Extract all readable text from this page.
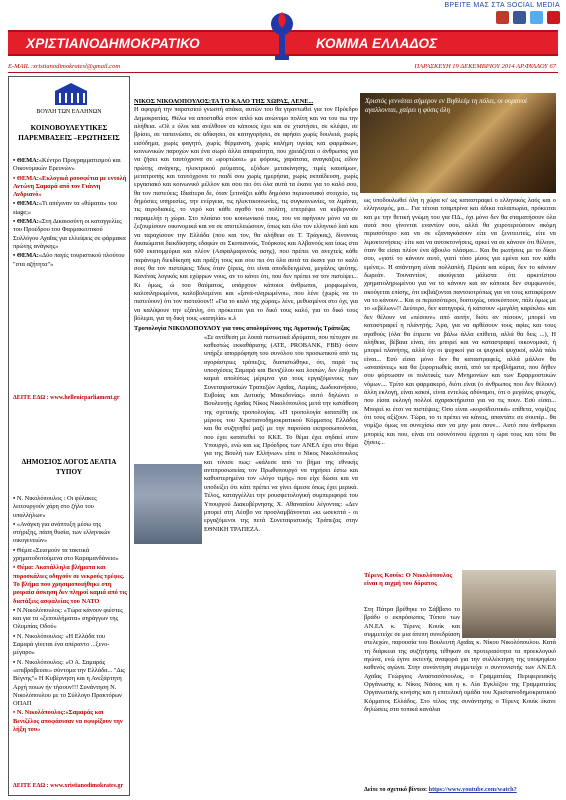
ΒΡΕΙΤΕ ΜΑΣ ΣΤΑ SOCIAL MEDIA
ΧΡΙΣΤΙΑΝΟΔΗΜΟΚΡΑΤΙΚΟ	ΚΟΜΜΑ ΕΛΛΑΔΟΣ
E-MAIL :xristianodimokratesl@gmail.com	ΠΑΡΑΣΚΕΥΗ 19 ΔΕΚΕΜΒΡΙΟΥ 2014 ΑΡ.ΦΥΛΛΟΥ 67
ΒΟΥΛΗ ΤΩΝ ΕΛΛΗΝΩΝ
ΚΟΙΝΟΒΟΥΛΕΥΤΙΚΕΣ ΠΑΡΕΜΒΑΣΕΙΣ –ΕΡΩΤΗΣΕΙΣ
• ΘΕΜΑ:«Κέντρο Προγραμματισμού και Οικονομικών Ερευνών»
• ΘΕΜΑ:«Εκλογικά ρουσφέτια με εντολή Αντώνη Σαμαρά από τον Γιάννη Ανδριανό»
• ΘΕΜΑ:«Τι απέγιναν τα «θύματα» του stage;»
• ΘΕΜΑ:«Στη Δικαιοσύνη οι καταγγελίες του Προέδρου του Φαρμακευτικού Συλλόγου Αχαΐας για ελλείψεις σε φάρμακα πρώτης ανάγκης»
• ΘΕΜΑ:«Δύο παγές τουριστικού πλούτου "στα αζήτητα"»
ΔΕΙΤΕ ΕΔΩ : www.hellenicparliament.gr
ΔΗΜΟΣΙΟΣ ΛΟΓΟΣ ΔΕΛΤΙΑ ΤΥΠΟΥ
• Ν. Νικολόπουλος : Οι φύλακες λειτουργούν χάρη στο ζήλο του υπαλλήλων»
• «Ανάγκη για ανάπτυξη μέσω της στήριξης, πάση θυσία, των ελληνικών οικογενειών»
• Θέμα:«Σεισμούν τα τακτικά χρηματοδοτούμενα στο Καραμανδάνειο»
• Θέμα: Ακατάλληλα βλήματα και πυροσκάλιες οδηγούν σε νεκρούς τρέφες. Το βλήμα που χρησιμοποιήθηκε στη μοιραία άσκηση δεν πληροί καμιά από τις διατάξεις ασφαλείας του ΝΑΤΟ
• Ν.Νικολόπουλος: «Τώρα κάνουν φιέστες και για τα «ξεπουλήματα» σηράγγων της Ολυμπίας Οδού»
• Ν. Νικολόπουλος: «Η Ελλάδα του Σαμαρά γίνεται ένα απέραντο ...ξενο-μέγαρο»
• Ν. Νικολόπουλος: «Ο Α. Σαμαράς «επιβράβευσε» σύντομα την Ελλάδα... "Δις Βέγνης"» Η Κυβέρνηση και η Ανεξάρτητη Αρχή ποιων ήν τήσουν!!! Συνάντηση Ν. Νικολόπουλου με το Σύλλογο Πρακτόρων ΟΠΑΠ
• Ν. Νικολόπουλος:«Σαμαράς και Βενιζέλος αποφάσισαν να σφυρίξουν την λήξη του»
ΔΕΙΤΕ ΕΔΩ : www.xristianodimokrates.gr

ΝΙΚΟΣ ΝΙΚΟΛΟΠΟΥΛΟΣ:ΤΑ ΤΟ ΚΑΛΟ ΤΗΣ ΧΩΡΑΣ, ΛΕΝΕ...

Η αφορμή την παρατσιού γνωστή απάκα, αυτών του θα γιγαντωθεί για τον Πρόεδρο Δημοκρατίας. Θέλω να αποσταθώ στον απλό και ανώνυμο πολίτη και να του πω την αλήθεια. «Ολ ε όλοι και ανέλθουν σε κάποιος έχει και σε χτιστήσει, σε κλέψει, σε βρίσει, σε ταπεινώσει, σε αδίκησει, σε κατηγορήσει, σε αφήσει χωρίς δουλειά, χωρίς εισόδημα, χωρίς φαγητό, χωρίς θέρμανση, χωρίς καλήμη υγείας και φαρμάκων, κοινωνικών παροχών και ένα σωρό άλλα απαραίτητα, που χρειάζεται ο άνθρωπος για να ζήσει και ταυτόχρονα σε «φορτώσει» με φόρους, χαράτσια, αναγκάζεις είδον πρώτης ανάγκης, ηλεκτρικού ρεύματος, εξόδων μετακίνησης, τιμές καυσίμων, μετατροπής και ταυτόχρονα το παιδί σου χωρίς ημερήσια, χωρίς εκπαίδευση, χωρίς εργασιακό και κοινωνικό μέλλον και σου πει ότι όλα αυτά τα έκανε για το καλό σου, θα τον πιστεύεις; Ιδιαίτερα δε, όταν ξετινάζει κάθε δημόσιο περιουσιακό στοιχείο, τις δημόσιες υπηρεσίες, την ενέργεια, τις ηλεκτικοινωνίες, τις συγκοινωνίες, τα λιμάνια, τις αεροδιακές, το νερό και κάθε αγαθό του πολίτη, επιτρέψει να κυβερνούν παραμελήτ η χώρα. Στο πλαίσιο του κοινωνικού τους, του να αφήνουν μόνο να σε ξεζουμίσουν οικονομικά και να σε αποτελειώσουν, όπως και όλο τον ελληνικό λαό και να ταραχίσουν την Ελλάδα (που και τον, θα αλήθεια σε Τ. Τράγκας), δίνοντας δικαιώματα διεκδίκησης εδαφών σε Σκοπιανούς, Τούρκους και Αλβανούς και ίσως στα 600 εκατομμύρια και πλέον (Ασφαλμαρινούς ασης), που πρέπει να ανεχτείς κάθε παράνομη διεκδίκηση και πράξη τους και σου πει ότι όλα αυτά τα έκανε για το καλό σου; θα τον πιστέψεις; Ίδιος όταν ζέρεις, ότι είναι αποδεδειγμένα, μεγάλος ψεύτης. Κανένας λογικός και εχέφρων νους, αν το κάνει ότι, που δεν πρέπει να τον πιστέψει... Κι όμως, ώ του θαύματος, υπάρχουν κάποιοι άνθρωποι, μορφωμένοι, καλοπληρωμένοι, καλοβολεμένοι και «ξανά-πληρωμένοι», που λένε (χωρίς να το πιστεύουν) ότι τον πιστεύουν!! «Για το καλό της χώρας» λένε, μεθυσμένοι στο όχι, για να καλύψουν την εξάπλη, ότι πρόκειται για το δικό τους καλό, για το δικό τους βόλεμα, για τη δική τους «καπηλία» κ.λ

Τροπολογία ΝΙΚΟΛΟΠΟΥΛΟΥ για τους απολυμένους της Αγροτικής Τράπεζας

«Σε αντίθεση με λοιπά πιστωτικά ιδρύματα, που πέτυχαν σε καθεστώς εκκαθάρισης (ΑΤΕ, PROBANK, FBB) όσον υπήρξε απορρόφηση του συνόλου του προσωπικού από τις αγοράστριες τράπεζες, διαπιστώθηκε, ότι, παρά τις υποσχέσεις Σαμαρά και Βενιζέλου και λοιπών, δεν έληφθη καμιά απολύτως μέριμνα για τους εργαζόμενους των Συνεταιριστικών Τραπεζών Αχαΐας, Λαμίας, Δωδεκανήσου, Ευβοίας και Δυτικής Μακεδονίας» αυτό δηλώνει ο Βουλευτής Αχαΐας Νίκος Νικολόπουλος μετά την κατάθεση της σχετικής τροπολογίας. «Η τροπολογία κατατέθη εκ μέρους του Χριστιανοδημοκρατικού Κόμματος Ελλάδος και θα συζητηθεί μαζί με την παρούσα εκπροσωπούνται, που έχει κατατεθεί το ΚΚΕ. Το θέμα έχει σηδαεί στον Υπουργό, ενώ και ως Πρόεδρος των ΑΝΕΛ έχει στο θέμα για της Βουλή των Ελλήνων» είπε ο Νίκος Νικολόπουλος και τόνισε πως: «κάλεσε από το βήμα της εθνικής αντιπροσωπείας τον Πρωθυπουργό να τηρήσει έστω και καθυστερημένα τον «λόγο τιμής» που είχε δώσει και να υποδείξει ότι κάτι πρέπει να γίνει άμεσα όπως έχει μερικά. Τέλος, καταγγέλλει την ρουσφετολογική συμπεριφορά του Υπουργού Διακυβέρνησης Χ. Αθανασίου λέγοντας: «Δεν μπορεί στη Λέσβο να προσλαμβάνονται «κι ωσεκπτά - οι εργαζόμενοι της πετά Συνεταιριστικής Τράπεζας στην ΕΘΝΙΚΗ ΤΡΑΠΕΖΑ.

Χριστός γεννάται σήμερον εν Βηθλεέμ τη πόλει, οι ουρανοί αγαλλονται, χαίρει η φύσις όλη
ως υποδουλωθεί όλη η χώρα κι' ως καταστραφεί ο ελληνικός λαός και ο ελληνισμός, μα... Για τέτοια τσαμπρίνα και άδικα ταλαιπωρία, πρόκειται και με την θετική γνώμη του για ΠΔ., όχι μόνο δεν θα σταματήσουν όλα αυτά που γίνονται εναντίον σου, αλλά θα χειροτερεύσουν ακόμη περισσότερο και να σε εξαναγκάσουν είτε να ξενιτευτείς, είτε να λιμοκτονήσεις· είτε και να αυτοκτονήσεις, αρκεί να σε κάνουν ότι θέλουν, όταν θα είσαι πλέον ένα άβουλο πλάσμα... Και θα ρωτήσεις με το δίκιο σου, «γιατί το κάνουν αυτό, γιατί τόσο μίσος για εμένα και τον κάθε εμένα;». Η απάντηση είναι πολλαπλή. Πρώτα και κύρια, δεν το κάνουν δωρεάν. Τουναντίον, ακούγεται μάλιστα ότι αρκετίστου χρηματοληρωμένου για να το κάνουν και αν κάποιοι δεν συμφωνούν, ακούγεται επίσης, ότι εκβιάζονται παντοιοτρόπως για να τους καταφέρουν να το κάνουν... Και οι περισσότεροι, δυστυχώς, υποκύπτουν, πάλι όμως με το «εβέλων»!! Δεύτερο, δεν κατηγορώ, ή κάτσουν «μεγάλη καρέκλα» και δεν θέλουν να «πέσουν» από αυτήν, διότι αν πέσουν, μπορεί να καταστραφεί η πλάνητής. Άρα, για να αρθέσουν τους αφίες και τους αγαθούς (όλα θα έπρεπε να βάλω άλλα επίθετα, αλλά θα δεις ...), Η αλήθεια, βέβαια είναι, ότι μπορεί και να καταστραφεί οικονομικά, ή μπορεί πλανήτης, αλλά όχι οι ψυχικοί για οι ψυχικοί ψυχικοί, αλλά πάλι είναι... Εσύ είσαι μόνο δεν θα καταστραφείς, αλλά μάλλον θα «ανασάνεις» και θα ξεφορτωθείς αυτά, από τα προβλήματα, που δήθεν σου φόρτωσαν οι πολιτικές των Μνημονίων και των Εφαρμοστικών νόμων.... Τρίτο και φαρμακερό, διότι είναι (ο άνθρωπος που δεν θέλουν) άλλη εκλογή, είναι κακοί, είναι εντελώς αδύναμοι, ότι ο μεγάλος φτωχός, που είσαι εκλογή πολλοί αχαρακτήριστα για να τις πουν. Εσύ είσαι... Μπορεί κι έτσι να πιστέψεις; Όσο είναι «κοροϊδευτικά» επίθετα, νομίζεις ότι τους αξίζουν. Τώρα, το τι πρέπει να κάνεις, απαντάτε σε σουπέρ.. θα νομίζω όμως να συνεχίσω σαν να μην μου πουν... Αυτό που άνθρωποι μπορείς και που, είναι οτι οσονότινου έρχεται η ώρα τους και τότε θα ζήσεις...
Τέρενς Κουίκ: Ο Νικολόπουλος είναι η αιχμή του δόρατος
Στη Πάτρα βρέθηκε το Σάββατο το βράδυ ο εκπρόσωπος Τύπου των ΑΝ.ΕΛ κ. Τέρενς Κουίκ και συμμετείχε σε μια άτυπη συνεδρίαση στελεχών, παρουσία του Βουλευτή Αχαΐας κ. Νίκου Νικολόπουλου. Κατά τη διάρκεια της συζήτησης τέθηκαν σε προτεραιότητα τα προεκλογικό αγώνα, ενώ έγινε εκτενής αναφορά για την συλλέκτηση της υποψηφίου καθενός αγώνα. Στην συνάντηση συμμετείχε ο συντονιστής των ΑΝ.ΕΛ Αχαΐας Γεώργιος Αναστασόπουλος, ο Γραμματέας Περιφερειακής Οργάνωσης κ. Νίκος Νάσος και η κ. Λία Εγκλέζου της Γραμματείας Οργανωτικής κινήσης και η επιτελική ομάδα του Χριστιανοδημοκρατικού Κόμματος Ελλάδος. Στο τέλος της συνάντησης ο Τέρενς Κουίκ έκανε δηλώσεις στα τοπικά κανάλια
Δείτε το σχετικό βίντεο: https://www.youtube.com/watch?
